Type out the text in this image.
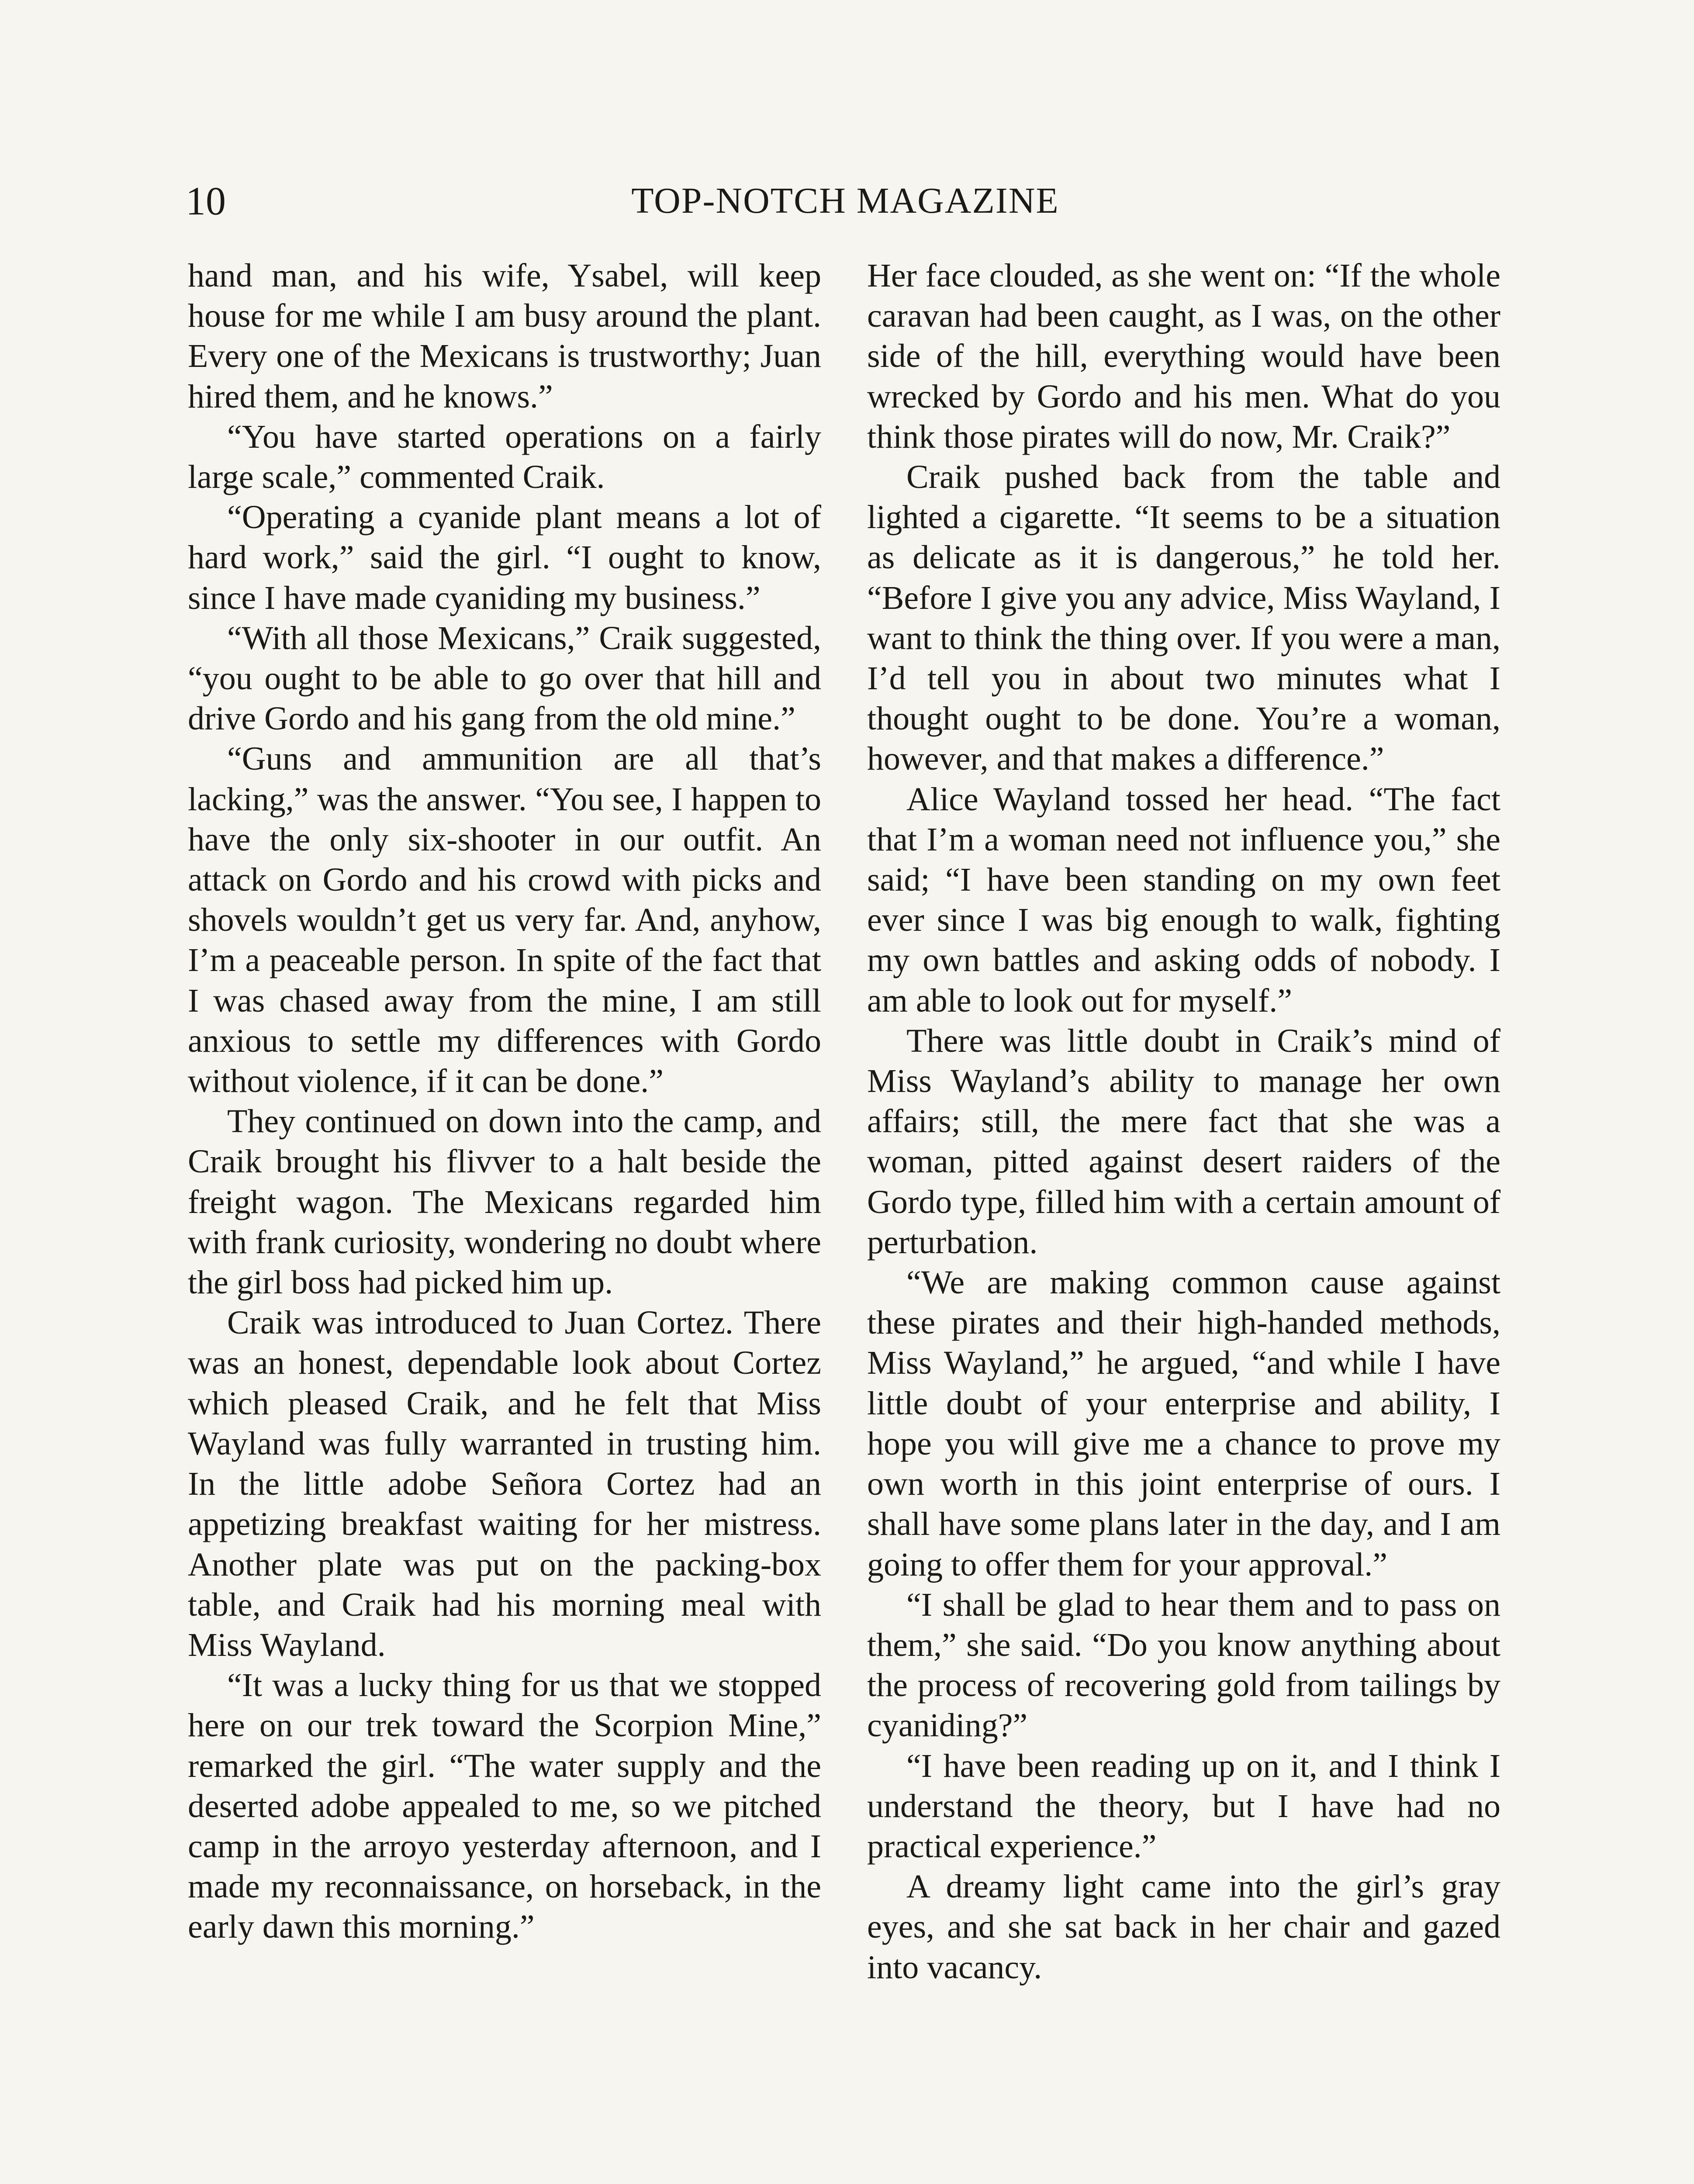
10	TOP-NOTCH MAGAZINE

hand man, and his wife, Ysabel, will keep house for me while I am busy around the plant. Every one of the Mexicans is trustworthy; Juan hired them, and he knows.”

“You have started operations on a fairly large scale,” commented Craik.

“Operating a cyanide plant means a lot of hard work,” said the girl. “I ought to know, since I have made cyaniding my business.”

“With all those Mexicans,” Craik suggested, “you ought to be able to go over that hill and drive Gordo and his gang from the old mine.”

“Guns and ammunition are all that’s lacking,” was the answer. “You see, I happen to have the only six-shooter in our outfit. An attack on Gordo and his crowd with picks and shovels wouldn’t get us very far. And, anyhow, I’m a peaceable person. In spite of the fact that I was chased away from the mine, I am still anxious to settle my differences with Gordo without violence, if it can be done.”

They continued on down into the camp, and Craik brought his flivver to a halt beside the freight wagon. The Mexicans regarded him with frank curiosity, wondering no doubt where the girl boss had picked him up.

Craik was introduced to Juan Cortez. There was an honest, dependable look about Cortez which pleased Craik, and he felt that Miss Wayland was fully warranted in trusting him. In the little adobe Señora Cortez had an appetizing breakfast waiting for her mistress. Another plate was put on the packing-box table, and Craik had his morning meal with Miss Wayland.

“It was a lucky thing for us that we stopped here on our trek toward the Scorpion Mine,” remarked the girl. “The water supply and the deserted adobe appealed to me, so we pitched camp in the arroyo yesterday afternoon, and I made my reconnaissance, on horseback, in the early dawn this morning.”

Her face clouded, as she went on: “If the whole caravan had been caught, as I was, on the other side of the hill, everything would have been wrecked by Gordo and his men. What do you think those pirates will do now, Mr. Craik?”

Craik pushed back from the table and lighted a cigarette. “It seems to be a situation as delicate as it is dangerous,” he told her. “Before I give you any advice, Miss Wayland, I want to think the thing over. If you were a man, I’d tell you in about two minutes what I thought ought to be done. You’re a woman, however, and that makes a difference.”

Alice Wayland tossed her head. “The fact that I’m a woman need not influence you,” she said; “I have been standing on my own feet ever since I was big enough to walk, fighting my own battles and asking odds of nobody. I am able to look out for myself.”

There was little doubt in Craik’s mind of Miss Wayland’s ability to manage her own affairs; still, the mere fact that she was a woman, pitted against desert raiders of the Gordo type, filled him with a certain amount of perturbation.

“We are making common cause against these pirates and their high-handed methods, Miss Wayland,” he argued, “and while I have little doubt of your enterprise and ability, I hope you will give me a chance to prove my own worth in this joint enterprise of ours. I shall have some plans later in the day, and I am going to offer them for your approval.”

“I shall be glad to hear them and to pass on them,” she said. “Do you know anything about the process of recovering gold from tailings by cyaniding?”

“I have been reading up on it, and I think I understand the theory, but I have had no practical experience.”

A dreamy light came into the girl’s gray eyes, and she sat back in her chair and gazed into vacancy.
